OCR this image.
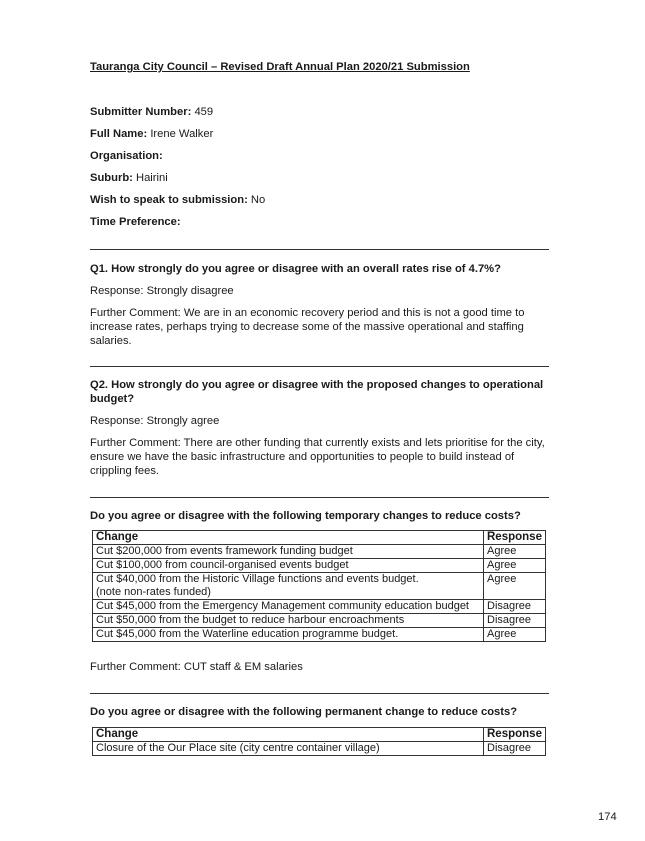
Tauranga City Council – Revised Draft Annual Plan 2020/21 Submission
Submitter Number: 459
Full Name: Irene Walker
Organisation:
Suburb: Hairini
Wish to speak to submission: No
Time Preference:
Q1. How strongly do you agree or disagree with an overall rates rise of 4.7%?
Response: Strongly disagree
Further Comment: We are in an economic recovery period and this is not a good time to increase rates, perhaps trying to decrease some of the massive operational and staffing salaries.
Q2. How strongly do you agree or disagree with the proposed changes to operational budget?
Response: Strongly agree
Further Comment: There are other funding that currently exists and lets prioritise for the city, ensure we have the basic infrastructure and opportunities to people to build instead of crippling fees.
Do you agree or disagree with the following temporary changes to reduce costs?
Change	Response
Cut $200,000 from events framework funding budget	Agree
Cut $100,000 from council-organised events budget	Agree
Cut $40,000 from the Historic Village functions and events budget.
(note non-rates funded)	Agree
Cut $45,000 from the Emergency Management community education budget	Disagree
Cut $50,000 from the budget to reduce harbour encroachments	Disagree
Cut $45,000 from the Waterline education programme budget.	Agree
Further Comment: CUT staff & EM salaries
Do you agree or disagree with the following permanent change to reduce costs?
Change	Response
Closure of the Our Place site (city centre container village)	Disagree
174
